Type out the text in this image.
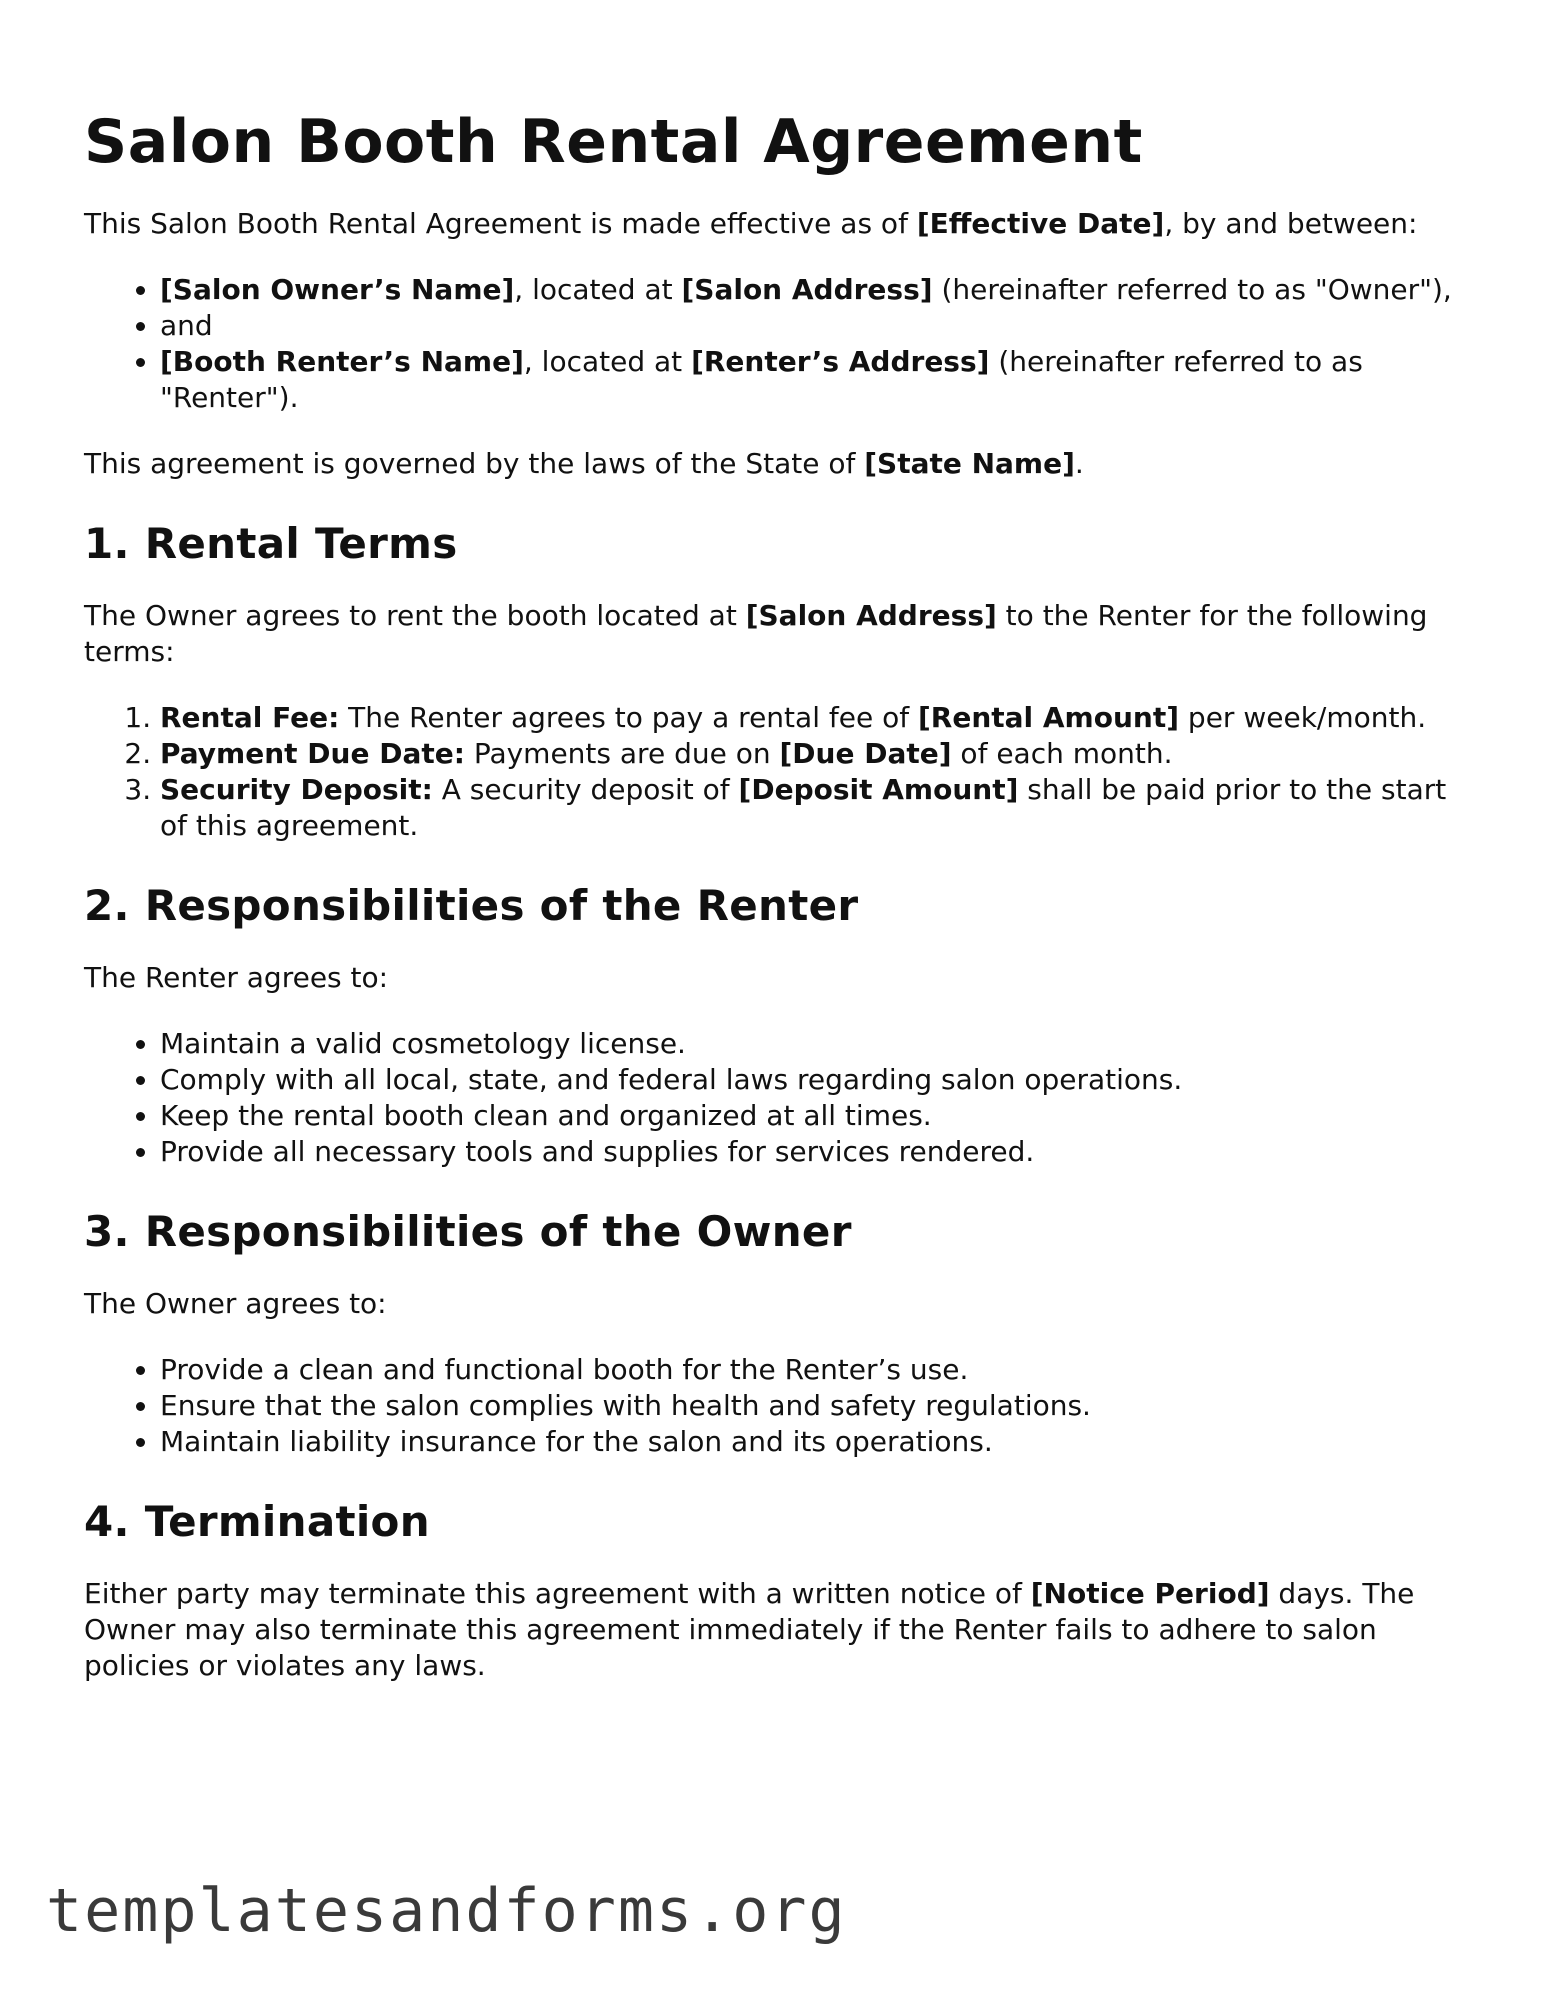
Salon Booth Rental Agreement

This Salon Booth Rental Agreement is made effective as of [Effective Date], by and between:

• [Salon Owner’s Name], located at [Salon Address] (hereinafter referred to as "Owner"),
• and
• [Booth Renter’s Name], located at [Renter’s Address] (hereinafter referred to as "Renter").

This agreement is governed by the laws of the State of [State Name].

1. Rental Terms

The Owner agrees to rent the booth located at [Salon Address] to the Renter for the following terms:

1. Rental Fee: The Renter agrees to pay a rental fee of [Rental Amount] per week/month.
2. Payment Due Date: Payments are due on [Due Date] of each month.
3. Security Deposit: A security deposit of [Deposit Amount] shall be paid prior to the start of this agreement.
2. Responsibilities of the Renter

The Renter agrees to:

• Maintain a valid cosmetology license.
• Comply with all local, state, and federal laws regarding salon operations.
• Keep the rental booth clean and organized at all times.
• Provide all necessary tools and supplies for services rendered.
3. Responsibilities of the Owner

The Owner agrees to:

• Provide a clean and functional booth for the Renter’s use.
• Ensure that the salon complies with health and safety regulations.
• Maintain liability insurance for the salon and its operations.
4. Termination

Either party may terminate this agreement with a written notice of [Notice Period] days. The Owner may also terminate this agreement immediately if the Renter fails to adhere to salon policies or violates any laws.

templatesandforms.org
